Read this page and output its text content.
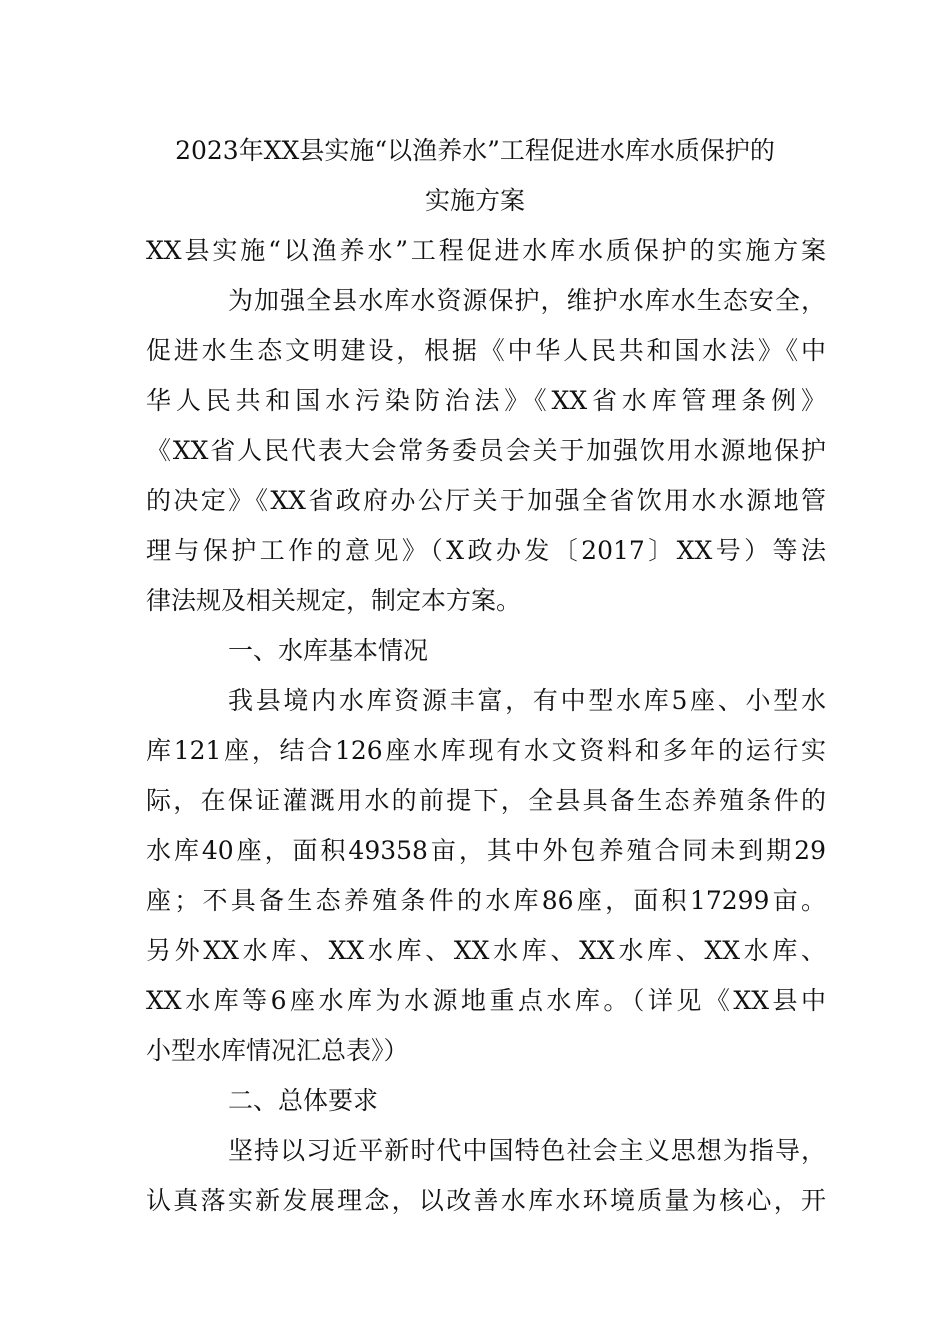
2023年XX县实施“以渔养水”工程促进水库水质保护的
实施方案
XX县实施“以渔养水”工程促进水库水质保护的实施方案
为加强全县水库水资源保护，维护水库水生态安全，
促进水生态文明建设，根据《中华人民共和国水法》《中
华人民共和国水污染防治法》《XX省水库管理条例》
《XX省人民代表大会常务委员会关于加强饮用水源地保护
的决定》《XX省政府办公厅关于加强全省饮用水水源地管
理与保护工作的意见》（X政办发〔2017〕XX号）等法
律法规及相关规定，制定本方案。
一、水库基本情况
我县境内水库资源丰富，有中型水库5座、小型水
库121座，结合126座水库现有水文资料和多年的运行实
际，在保证灌溉用水的前提下，全县具备生态养殖条件的
水库40座，面积49358亩，其中外包养殖合同未到期29
座；不具备生态养殖条件的水库86座，面积17299亩。
另外XX水库、XX水库、XX水库、XX水库、XX水库、
XX水库等6座水库为水源地重点水库。（详见《XX县中
小型水库情况汇总表》）
二、总体要求
坚持以习近平新时代中国特色社会主义思想为指导，
认真落实新发展理念，以改善水库水环境质量为核心，开
